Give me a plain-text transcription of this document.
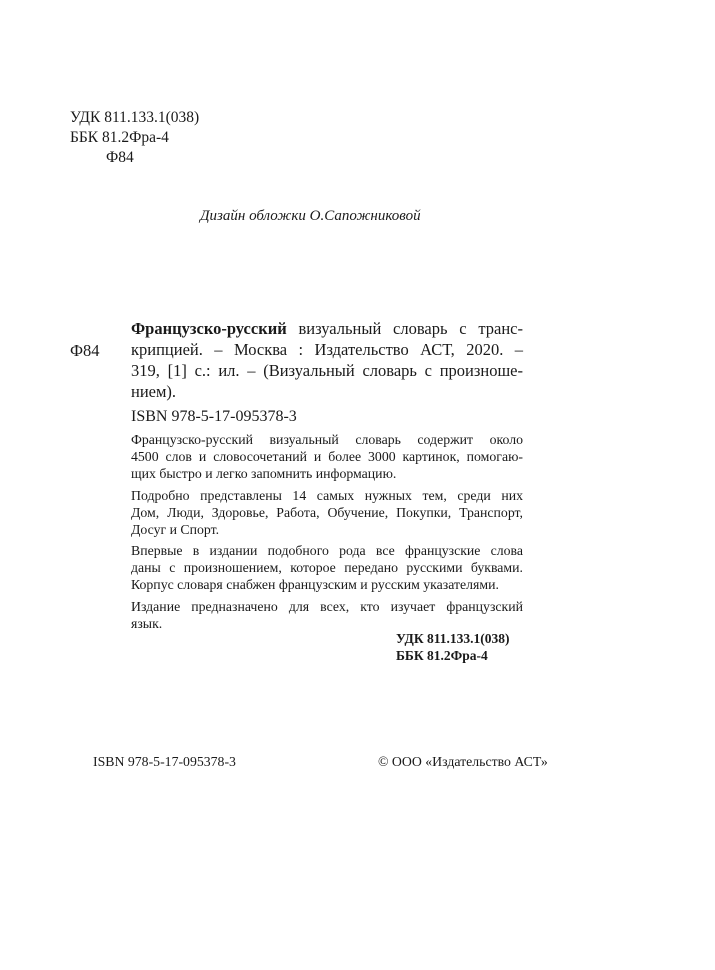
УДК 811.133.1(038)
ББК 81.2Фра-4
Ф84
Дизайн обложки О.Сапожниковой
Ф84
Французско-русский визуальный словарь с транс-
крипцией. – Москва : Издательство АСТ, 2020. –
319, [1] с.: ил. – (Визуальный словарь с произноше-
нием).
ISBN 978-5-17-095378-3
Французско-русский визуальный словарь содержит около
4500 слов и словосочетаний и более 3000 картинок, помогаю-
щих быстро и легко запомнить информацию.
Подробно представлены 14 самых нужных тем, среди них
Дом, Люди, Здоровье, Работа, Обучение, Покупки, Транспорт,
Досуг и Спорт.
Впервые в издании подобного рода все французские слова
даны с произношением, которое передано русскими буквами.
Корпус словаря снабжен французским и русским указателями.
Издание предназначено для всех, кто изучает французский
язык.
УДК 811.133.1(038)
ББК 81.2Фра-4
ISBN 978-5-17-095378-3	© ООО «Издательство АСТ»
